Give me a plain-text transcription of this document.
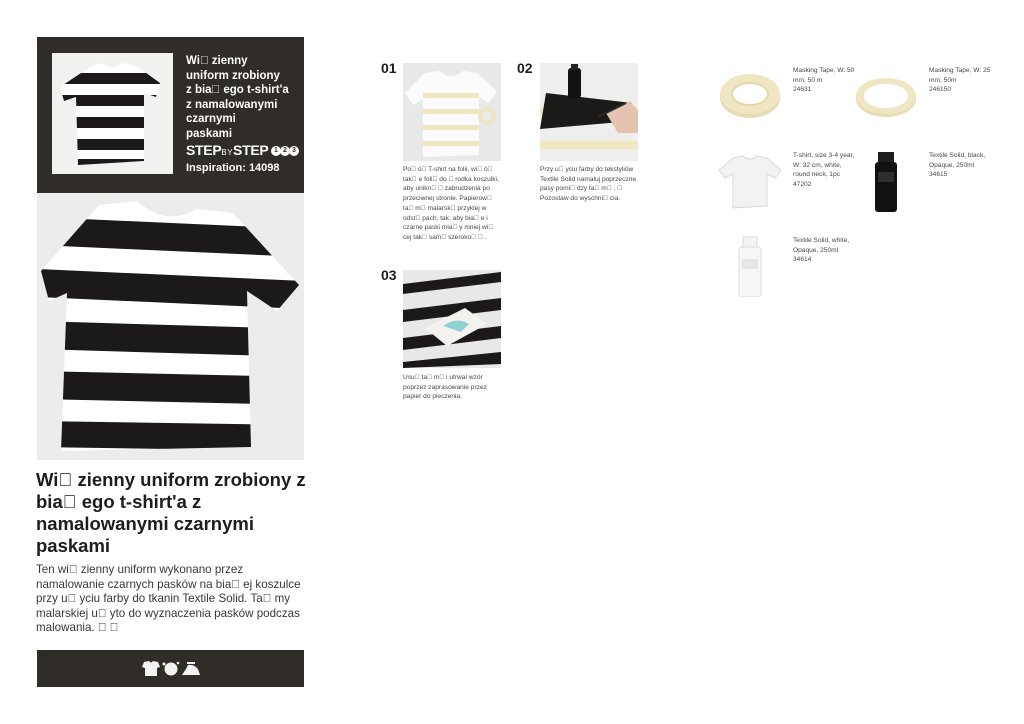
Wi  zienny
uniform zrobiony
z bia  ego t-shirt'a
z namalowanymi
czarnymi
paskami
STEPBYSTEP 1 2 3
Inspiration: 14098
Wi  zienny uniform zrobiony z bia  ego t-shirt'a z namalowanymi czarnymi paskami
Ten wi  zienny uniform wykonano przez namalowanie czarnych pasków na bia  ej koszulce przy u  yciu farby do tkanin Textile Solid. Ta  my malarskiej u  yto do wyznaczenia pasków podczas malowania.    
01
Po  ó  T-shirt na folii, wi  ó  tak  e foli  do   rodka koszulki, aby unikn    zabrudzenia po przeciwnej stronie. Papierow  ta  m  malarsk  przyklej w odst  pach, tak, aby bia  e i czarne paski mia  y mniej wi  cej tak  sam  szeroko    .
02
Przy u  yciu farby do tekstyliów Textile Solid namaluj poprzeczne pasy pomi  dzy ta  m  .   Pozostaw do wyschni  cia.
03
Usu  ta  m  i utrwal wzór poprzez zaprasowanie przez papier do pieczenia.
Masking Tape, W: 50 mm, 50 m
24631
Masking Tape, W: 25 mm, 50m
246150
T-shirt, size 3-4 year, W: 32 cm, white, round neck, 1pc
47202
Textile Solid, black, Opaque, 250ml
34615
Textile Solid, white, Opaque, 250ml
34614
